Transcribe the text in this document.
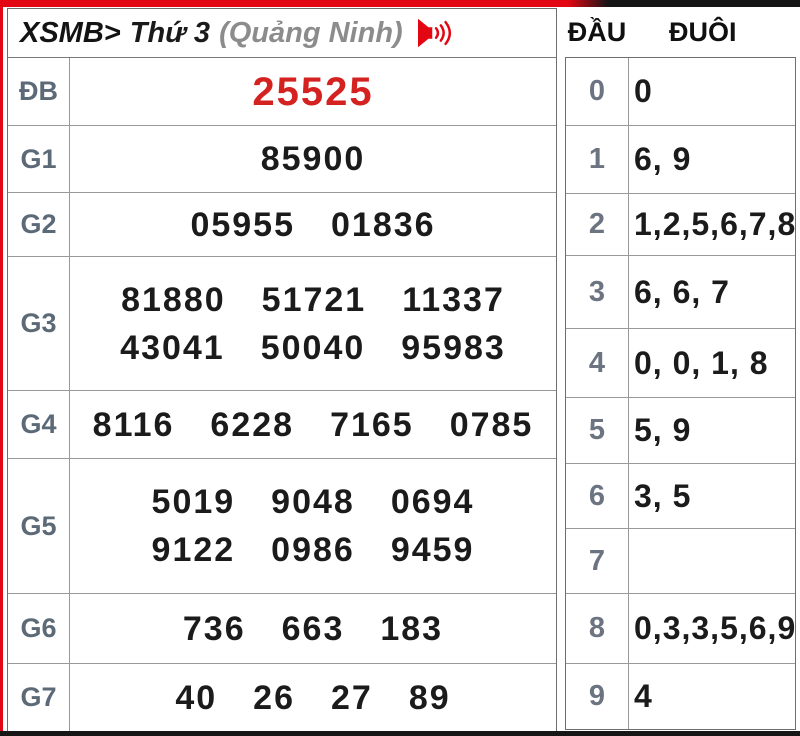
XSMB> Thứ 3 (Quảng Ninh)
ĐB	25525
G1	85900
G2	05955 01836
G3
81880 51721 11337
43041 50040 95983
G4	8116 6228 7165 0785
G5
5019 9048 0694
9122 0986 9459
G6	736 663 183
G7	40 26 27 89
ĐẦU ĐUÔI
0 0
1 6, 9
2 1,2,5,6,7,8
3 6, 6, 7
4 0, 0, 1, 8
5 5, 9
6 3, 5
7
8 0,3,3,5,6,9
9 4
